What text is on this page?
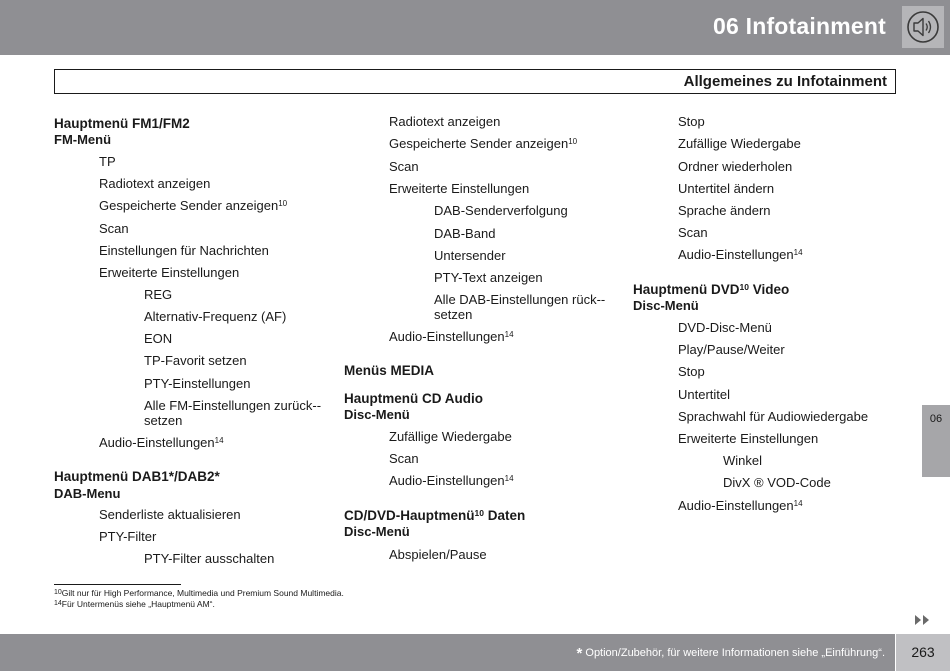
06 Infotainment
Allgemeines zu Infotainment
Hauptmenü FM1/FM2
FM-Menü
TP
Radiotext anzeigen
Gespeicherte Sender anzeigen$^{10}$
Scan
Einstellungen für Nachrichten
Erweiterte Einstellungen
REG
Alternativ-Frequenz (AF)
EON
TP-Favorit setzen
PTY-Einstellungen
Alle FM-Einstellungen zurück-setzen
Audio-Einstellungen$^{14}$
Hauptmenü DAB1*/DAB2*
DAB-Menu
Senderliste aktualisieren
PTY-Filter
PTY-Filter ausschalten
Radiotext anzeigen
Gespeicherte Sender anzeigen$^{10}$
Scan
Erweiterte Einstellungen
DAB-Senderverfolgung
DAB-Band
Untersender
PTY-Text anzeigen
Alle DAB-Einstellungen rück-setzen
Audio-Einstellungen$^{14}$
Menüs MEDIA
Hauptmenü CD Audio
Disc-Menü
Zufällige Wiedergabe
Scan
Audio-Einstellungen$^{14}$
CD/DVD-Hauptmenü$^{10}$ Daten
Disc-Menü
Abspielen/Pause
Stop
Zufällige Wiedergabe
Ordner wiederholen
Untertitel ändern
Sprache ändern
Scan
Audio-Einstellungen$^{14}$
Hauptmenü DVD$^{10}$ Video
Disc-Menü
DVD-Disc-Menü
Play/Pause/Weiter
Stop
Untertitel
Sprachwahl für Audiowiedergabe
Erweiterte Einstellungen
Winkel
DivX ® VOD-Code
Audio-Einstellungen$^{14}$
$^{10}$Gilt nur für High Performance, Multimedia und Premium Sound Multimedia.
$^{14}$Für Untermenüs siehe „Hauptmenü AM“.
06
* Option/Zubehör, für weitere Informationen siehe „Einführung“.	263
